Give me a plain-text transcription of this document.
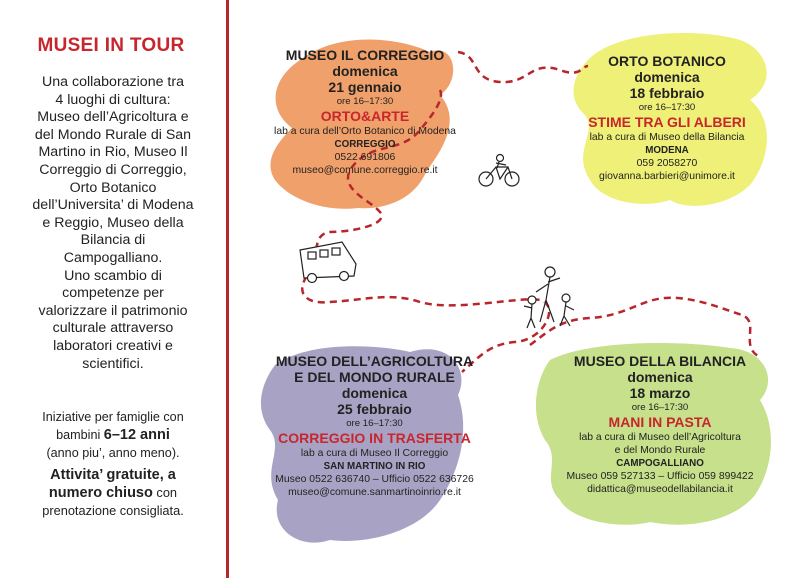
MUSEI IN TOUR
Una collaborazione tra
4 luoghi di cultura:
Museo dell’Agricoltura e
del Mondo Rurale di San
Martino in Rio, Museo Il
Correggio di Correggio,
Orto Botanico
dell’Universita’ di Modena
e Reggio, Museo della
Bilancia di
Campogalliano.
Uno scambio di
competenze per
valorizzare il patrimonio
culturale attraverso
laboratori creativi e
scientifici.
Iniziative per famiglie con
bambini 6–12 anni
(anno piu’, anno meno).
Attivita’ gratuite, a
numero chiuso con
prenotazione consigliata.
MUSEO IL CORREGGIO
domenica
21 gennaio
ore 16–17:30
ORTO&ARTE
lab a cura dell’Orto Botanico di Modena
CORREGGIO
0522 691806
museo@comune.correggio.re.it
ORTO BOTANICO
domenica
18 febbraio
ore 16–17:30
STIME TRA GLI ALBERI
lab a cura di Museo della Bilancia
MODENA
059 2058270
giovanna.barbieri@unimore.it
MUSEO DELL’AGRICOLTURA
E DEL MONDO RURALE
domenica
25 febbraio
ore 16–17:30
CORREGGIO IN TRASFERTA
lab a cura di Museo Il Correggio
SAN MARTINO IN RIO
Museo 0522 636740 – Ufficio 0522 636726
museo@comune.sanmartinoinrio.re.it
MUSEO DELLA BILANCIA
domenica
18 marzo
ore 16–17:30
MANI IN PASTA
lab a cura di Museo dell’Agricoltura
e del Mondo Rurale
CAMPOGALLIANO
Museo 059 527133 – Ufficio 059 899422
didattica@museodellabilancia.it
